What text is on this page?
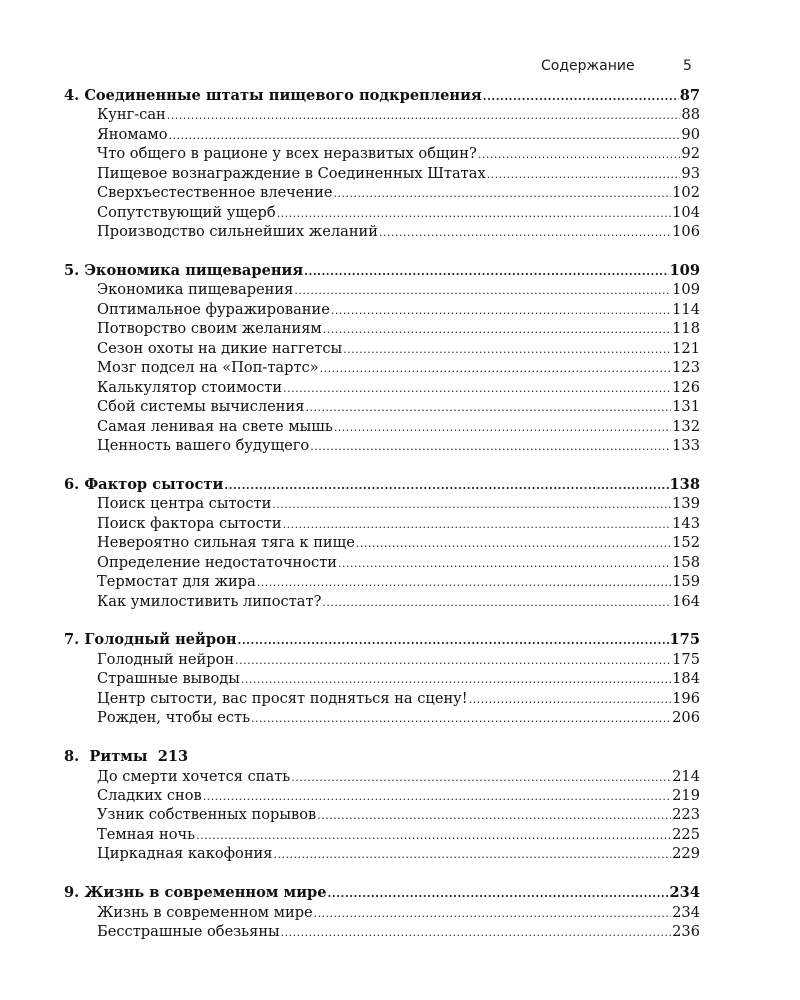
Содержание	5
4. Соединенные штаты пищевого подкрепления .....	87
Кунг-сан .....	88
Яномамо .....	90
Что общего в рационе у всех неразвитых общин? .....	92
Пищевое вознаграждение в Соединенных Штатах .....	93
Сверхъестественное влечение .....	102
Сопутствующий ущерб .....	104
Производство сильнейших желаний .....	106
5. Экономика пищеварения .....	109
Экономика пищеварения .....	109
Оптимальное фуражирование .....	114
Потворство своим желаниям .....	118
Сезон охоты на дикие наггетсы .....	121
Мозг подсел на «Поп-тартс» .....	123
Калькулятор стоимости .....	126
Сбой системы вычисления .....	131
Самая ленивая на свете мышь .....	132
Ценность вашего будущего .....	133
6. Фактор сытости .....	138
Поиск центра сытости .....	139
Поиск фактора сытости .....	143
Невероятно сильная тяга к пище .....	152
Определение недостаточности .....	158
Термостат для жира .....	159
Как умилостивить липостат? .....	164
7. Голодный нейрон .....	175
Голодный нейрон .....	175
Страшные выводы .....	184
Центр сытости, вас просят подняться на сцену! .....	196
Рожден, чтобы есть .....	206
8.  Ритмы  213
До смерти хочется спать .....	214
Сладких снов .....	219
Узник собственных порывов .....	223
Темная ночь .....	225
Циркадная какофония .....	229
9. Жизнь в современном мире .....	234
Жизнь в современном мире .....	234
Бесстрашные обезьяны .....	236
